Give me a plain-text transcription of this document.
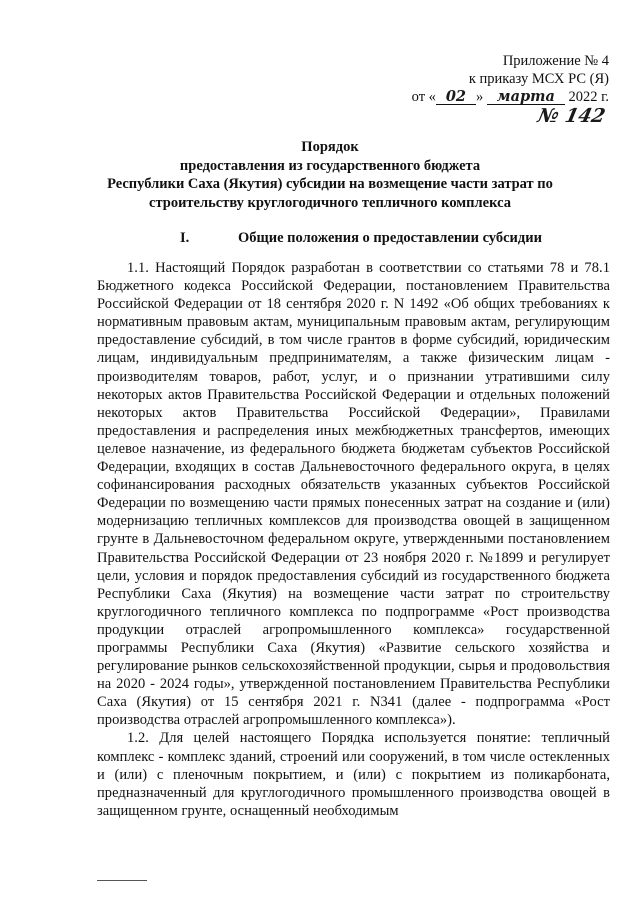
Приложение № 4
к приказу МСХ РС (Я)
от « 02 » марта 2022 г.
№ 142

Порядок

предоставления из государственного бюджета

Республики Саха (Якутия) субсидии на возмещение части затрат по

строительству круглогодичного тепличного комплекса

I.	Общие положения о предоставлении субсидии

1.1. Настоящий Порядок разработан в соответствии со статьями 78 и 78.1 Бюджетного кодекса Российской Федерации, постановлением Правительства Российской Федерации от 18 сентября 2020 г. N 1492 «Об общих требованиях к нормативным правовым актам, муниципальным правовым актам, регулирующим предоставление субсидий, в том числе грантов в форме субсидий, юридическим лицам, индивидуальным предпринимателям, а также физическим лицам - производителям товаров, работ, услуг, и о признании утратившими силу некоторых актов Правительства Российской Федерации и отдельных положений некоторых актов Правительства Российской Федерации», Правилами предоставления и распределения иных межбюджетных трансфертов, имеющих целевое назначение, из федерального бюджета бюджетам субъектов Российской Федерации, входящих в состав Дальневосточного федерального округа, в целях софинансирования расходных обязательств указанных субъектов Российской Федерации по возмещению части прямых понесенных затрат на создание и (или) модернизацию тепличных комплексов для производства овощей в защищенном грунте в Дальневосточном федеральном округе, утвержденными постановлением Правительства Российской Федерации от 23 ноября 2020 г. №1899 и регулирует цели, условия и порядок предоставления субсидий из государственного бюджета Республики Саха (Якутия) на возмещение части затрат по строительству круглогодичного тепличного комплекса по подпрограмме «Рост производства продукции отраслей агропромышленного комплекса» государственной программы Республики Саха (Якутия) «Развитие сельского хозяйства и регулирование рынков сельскохозяйственной продукции, сырья и продовольствия на 2020 - 2024 годы», утвержденной постановлением Правительства Республики Саха (Якутия) от 15 сентября 2021 г. N341 (далее - подпрограмма «Рост производства отраслей агропромышленного комплекса»).

1.2. Для целей настоящего Порядка используется понятие: тепличный комплекс - комплекс зданий, строений или сооружений, в том числе остекленных и (или) с пленочным покрытием, и (или) с покрытием из поликарбоната, предназначенный для круглогодичного промышленного производства овощей в защищенном грунте, оснащенный необходимым
